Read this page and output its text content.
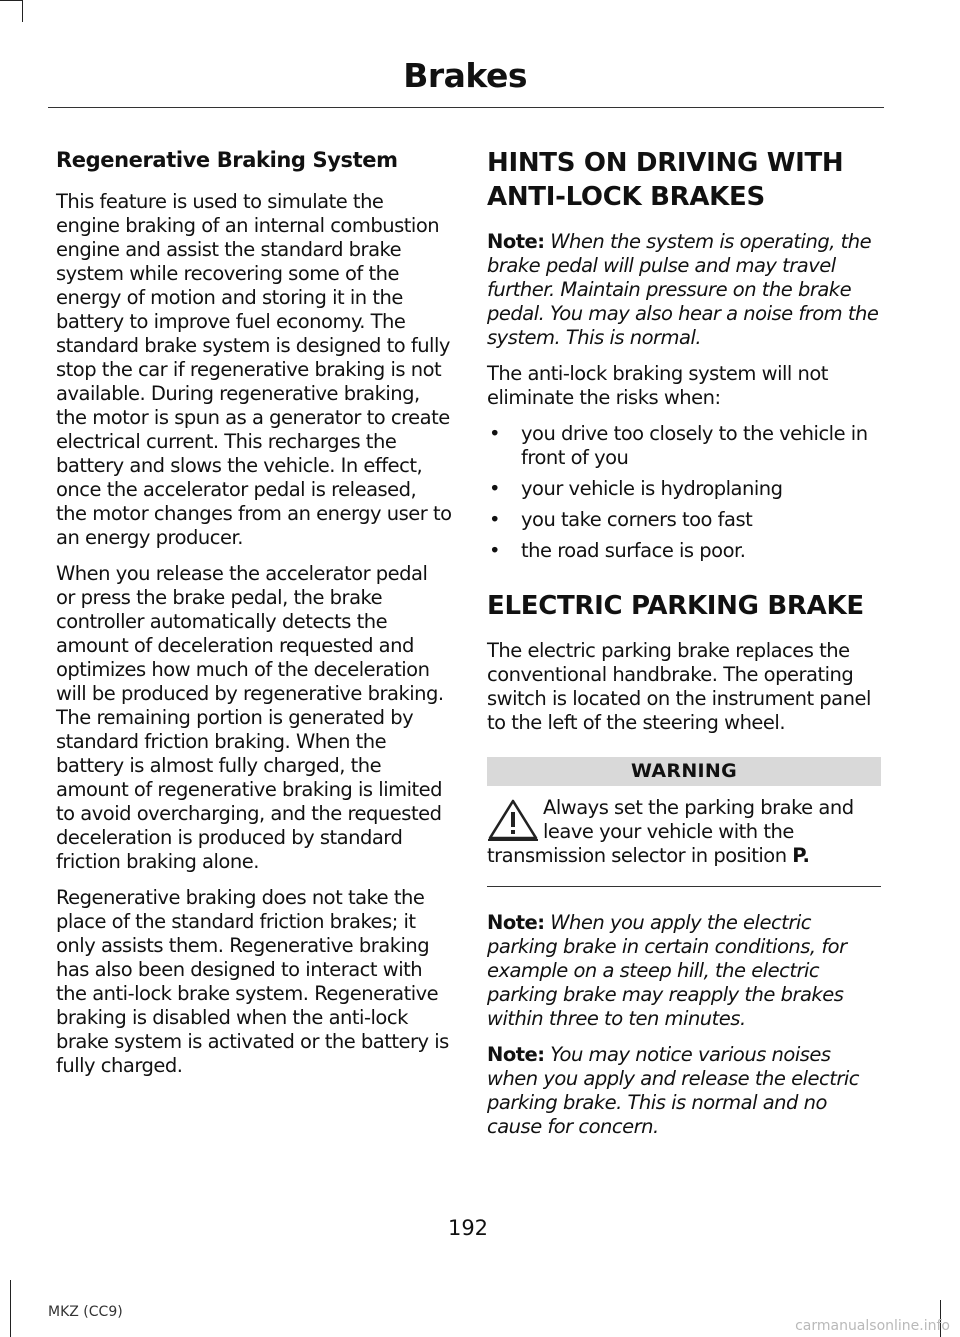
Brakes
Regenerative Braking System

This feature is used to simulate the engine braking of an internal combustion engine and assist the standard brake system while recovering some of the energy of motion and storing it in the battery to improve fuel economy. The standard brake system is designed to fully stop the car if regenerative braking is not available. During regenerative braking, the motor is spun as a generator to create electrical current. This recharges the battery and slows the vehicle. In effect, once the accelerator pedal is released, the motor changes from an energy user to an energy producer.

When you release the accelerator pedal or press the brake pedal, the brake controller automatically detects the amount of deceleration requested and optimizes how much of the deceleration will be produced by regenerative braking. The remaining portion is generated by standard friction braking. When the battery is almost fully charged, the amount of regenerative braking is limited to avoid overcharging, and the requested deceleration is produced by standard friction braking alone.

Regenerative braking does not take the place of the standard friction brakes; it only assists them. Regenerative braking has also been designed to interact with the anti-lock brake system. Regenerative braking is disabled when the anti-lock brake system is activated or the battery is fully charged.

HINTS ON DRIVING WITH ANTI-LOCK BRAKES

Note: When the system is operating, the brake pedal will pulse and may travel further. Maintain pressure on the brake pedal. You may also hear a noise from the system. This is normal.

The anti-lock braking system will not eliminate the risks when:

• you drive too closely to the vehicle in front of you
• your vehicle is hydroplaning
• you take corners too fast
• the road surface is poor.
ELECTRIC PARKING BRAKE

The electric parking brake replaces the conventional handbrake. The operating switch is located on the instrument panel to the left of the steering wheel.

WARNING
Always set the parking brake and leave your vehicle with the transmission selector in position P.

Note: When you apply the electric parking brake in certain conditions, for example on a steep hill, the electric parking brake may reapply the brakes within three to ten minutes.

Note: You may notice various noises when you apply and release the electric parking brake. This is normal and no cause for concern.

192
MKZ (CC9)
carmanualsonline.info
